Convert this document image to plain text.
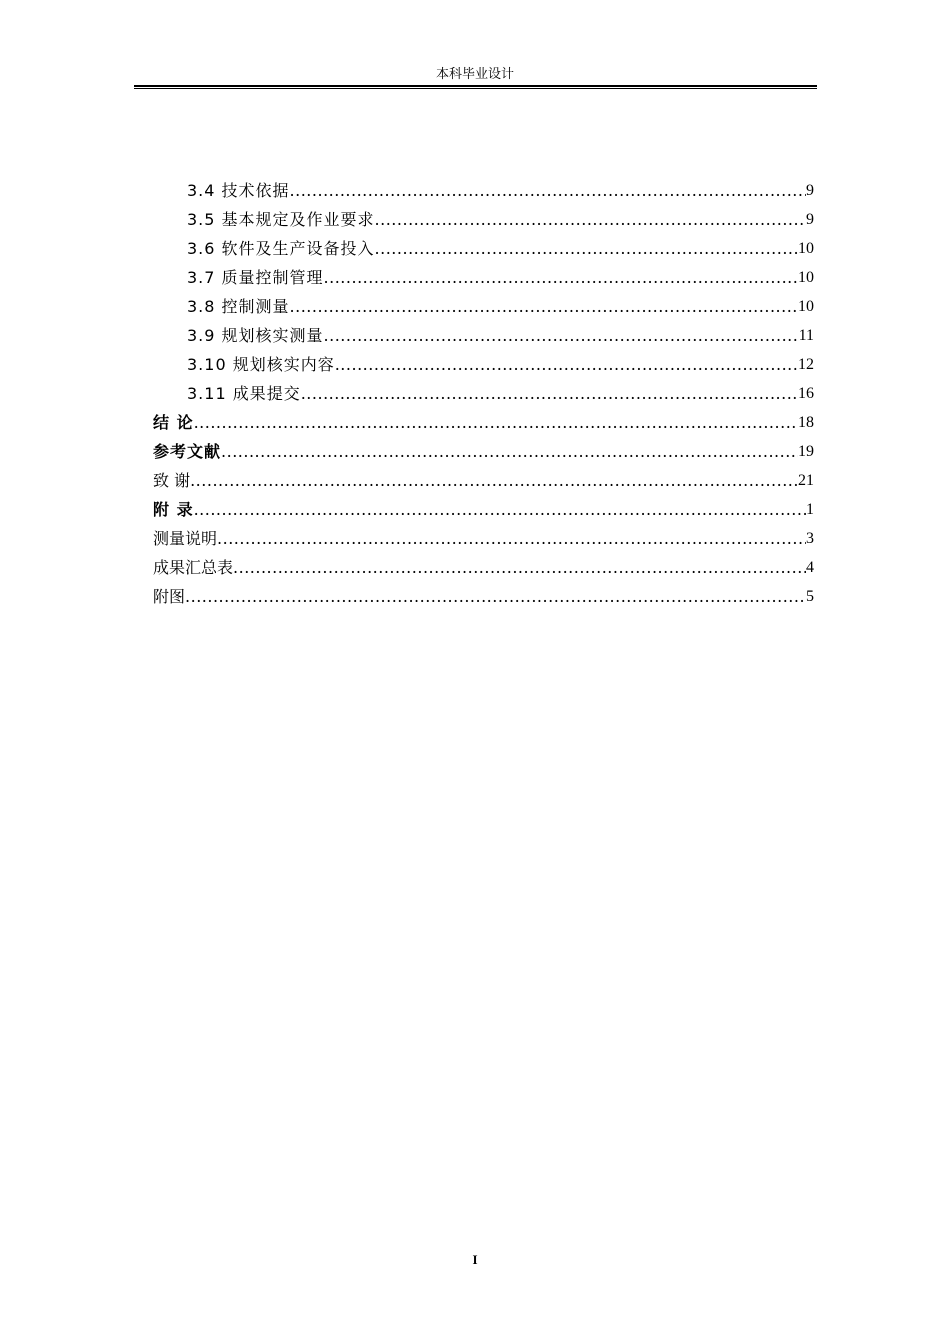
本科毕业设计
3.4 技术依据 .....	9
3.5 基本规定及作业要求 .....	9
3.6 软件及生产设备投入 .....	10
3.7 质量控制管理 .....	10
3.8 控制测量 .....	10
3.9 规划核实测量 .....	11
3.10 规划核实内容 .....	12
3.11 成果提交 .....	16
结 论 .....	18
参考文献 .....	19
致 谢 .....	21
附 录 .....	1
测量说明 .....	3
成果汇总表 .....	4
附图 .....	5
I
